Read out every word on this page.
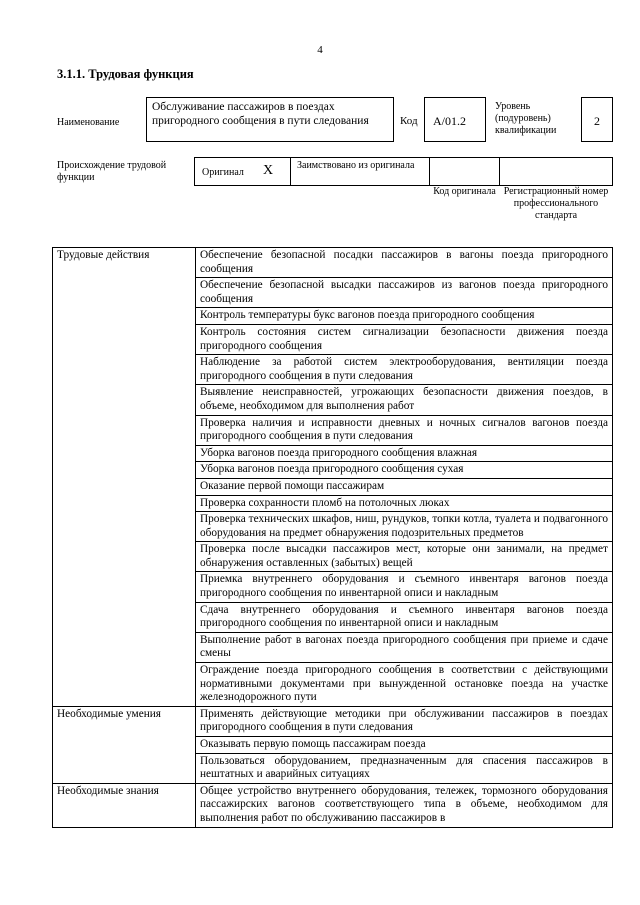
4
3.1.1. Трудовая функция
Наименование
Обслуживание пассажиров в поездах пригородного сообщения в пути следования	Код	А/01.2
Уровень (подуровень) квалификации
2
Происхождение трудовой функции	Оригинал X Заимствовано из оригинала
Код оригинала Регистрационный номер профессионального стандарта
Трудовые действия	Обеспечение безопасной посадки пассажиров в вагоны поезда пригородного сообщения
	Обеспечение безопасной высадки пассажиров из вагонов поезда пригородного сообщения
	Контроль температуры букс вагонов поезда пригородного сообщения
	Контроль состояния систем сигнализации безопасности движения поезда пригородного сообщения
	Наблюдение за работой систем электрооборудования, вентиляции поезда пригородного сообщения в пути следования
	Выявление неисправностей, угрожающих безопасности движения поездов, в объеме, необходимом для выполнения работ
	Проверка наличия и исправности дневных и ночных сигналов вагонов поезда пригородного сообщения в пути следования
	Уборка вагонов поезда пригородного сообщения влажная
	Уборка вагонов поезда пригородного сообщения сухая
	Оказание первой помощи пассажирам
	Проверка сохранности пломб на потолочных люках
	Проверка технических шкафов, ниш, рундуков, топки котла, туалета и подвагонного оборудования на предмет обнаружения подозрительных предметов
	Проверка после высадки пассажиров мест, которые они занимали, на предмет обнаружения оставленных (забытых) вещей
	Приемка внутреннего оборудования и съемного инвентаря вагонов поезда пригородного сообщения по инвентарной описи и накладным
	Сдача внутреннего оборудования и съемного инвентаря вагонов поезда пригородного сообщения по инвентарной описи и накладным
	Выполнение работ в вагонах поезда пригородного сообщения при приеме и сдаче смены
	Ограждение поезда пригородного сообщения в соответствии с действующими нормативными документами при вынужденной остановке поезда на участке железнодорожного пути
Необходимые умения	Применять действующие методики при обслуживании пассажиров в поездах пригородного сообщения в пути следования
	Оказывать первую помощь пассажирам поезда
	Пользоваться оборудованием, предназначенным для спасения пассажиров в нештатных и аварийных ситуациях
Необходимые знания	Общее устройство внутреннего оборудования, тележек, тормозного оборудования пассажирских вагонов соответствующего типа в объеме, необходимом для выполнения работ по обслуживанию пассажиров в
